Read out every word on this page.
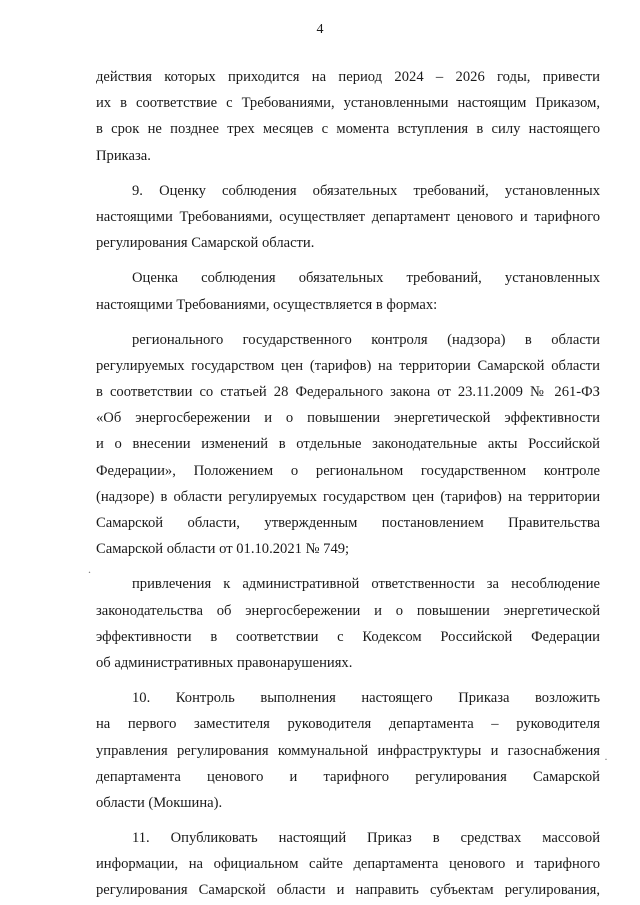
4
действия которых приходится на период 2024 – 2026 годы, привести
их в соответствие с Требованиями, установленными настоящим Приказом,
в срок не позднее трех месяцев с момента вступления в силу настоящего
Приказа.
9. Оценку соблюдения обязательных требований, установленных
настоящими Требованиями, осуществляет департамент ценового и тарифного
регулирования Самарской области.
Оценка соблюдения обязательных требований, установленных
настоящими Требованиями, осуществляется в формах:
регионального государственного контроля (надзора) в области
регулируемых государством цен (тарифов) на территории Самарской области
в соответствии со статьей 28 Федерального закона от 23.11.2009 № 261-ФЗ
«Об энергосбережении и о повышении энергетической эффективности
и о внесении изменений в отдельные законодательные акты Российской
Федерации», Положением о региональном государственном контроле
(надзоре) в области регулируемых государством цен (тарифов) на территории
Самарской области, утвержденным постановлением Правительства
Самарской области от 01.10.2021 № 749;
привлечения к административной ответственности за несоблюдение
законодательства об энергосбережении и о повышении энергетической
эффективности в соответствии с Кодексом Российской Федерации
об административных правонарушениях.
10. Контроль выполнения настоящего Приказа возложить
на первого заместителя руководителя департамента – руководителя
управления регулирования коммунальной инфраструктуры и газоснабжения
департамента ценового и тарифного регулирования Самарской
области (Мокшина).
11. Опубликовать настоящий Приказ в средствах массовой
информации, на официальном сайте департамента ценового и тарифного
регулирования Самарской области и направить субъектам регулирования,
.
·
